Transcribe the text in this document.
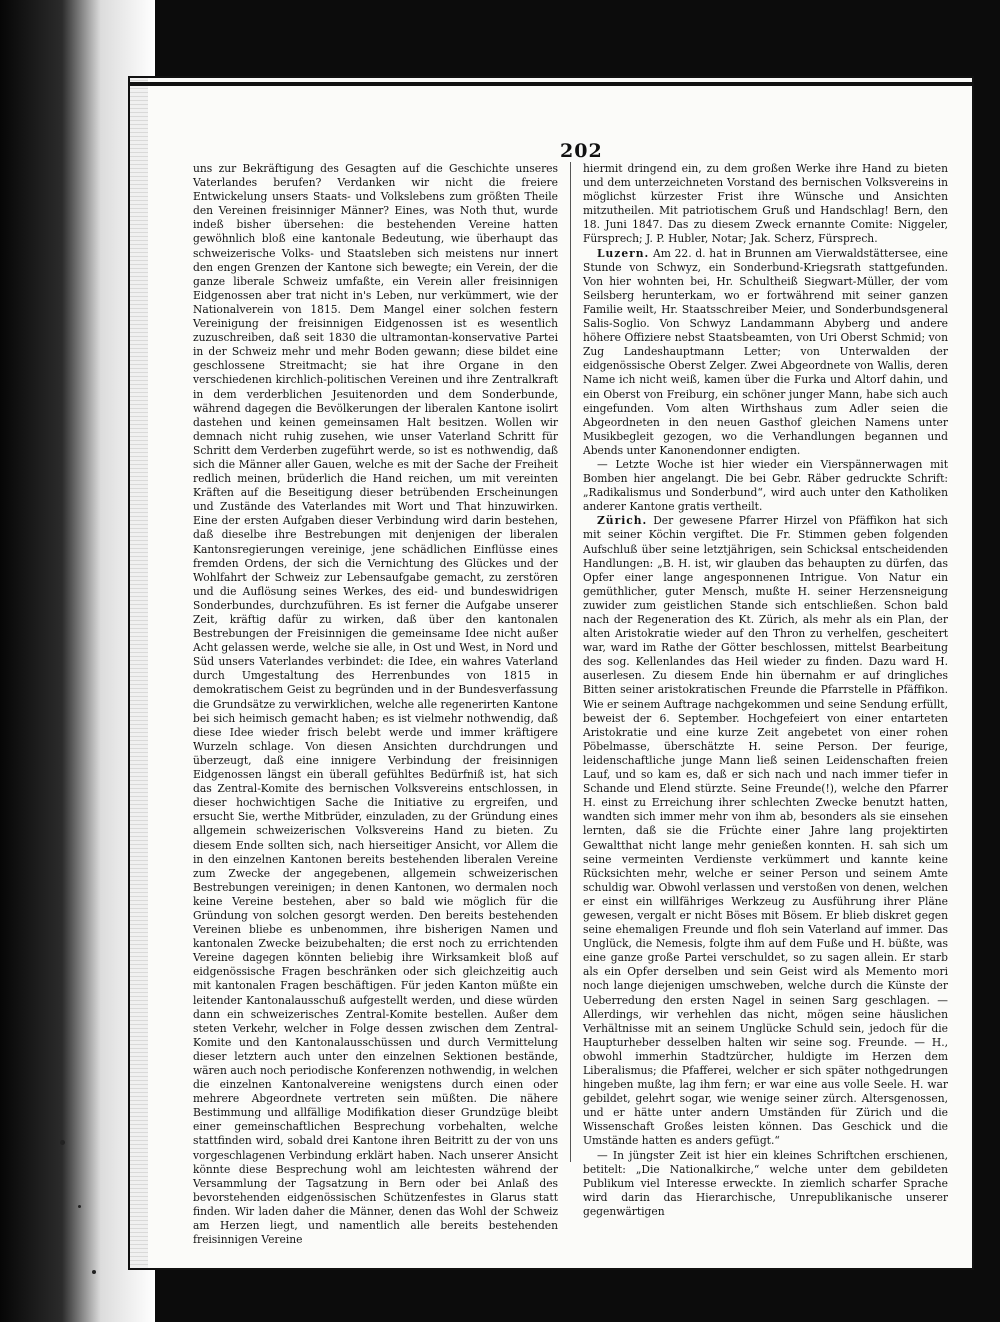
202

uns zur Bekräftigung des Gesagten auf die Geschichte unseres Vaterlandes berufen? Verdanken wir nicht die freiere Entwickelung unsers Staats- und Volkslebens zum größten Theile den Vereinen freisinniger Männer? Eines, was Noth thut, wurde indeß bisher übersehen: die bestehenden Vereine hatten gewöhnlich bloß eine kantonale Bedeutung, wie überhaupt das schweizerische Volks- und Staatsleben sich meistens nur innert den engen Grenzen der Kantone sich bewegte; ein Verein, der die ganze liberale Schweiz umfaßte, ein Verein aller freisinnigen Eidgenossen aber trat nicht in's Leben, nur verkümmert, wie der Nationalverein von 1815. Dem Mangel einer solchen festern Vereinigung der freisinnigen Eidgenossen ist es wesentlich zuzuschreiben, daß seit 1830 die ultramontan-konservative Partei in der Schweiz mehr und mehr Boden gewann; diese bildet eine geschlossene Streitmacht; sie hat ihre Organe in den verschiedenen kirchlich-politischen Vereinen und ihre Zentralkraft in dem verderblichen Jesuitenorden und dem Sonderbunde, während dagegen die Bevölkerungen der liberalen Kantone isolirt dastehen und keinen gemeinsamen Halt besitzen. Wollen wir demnach nicht ruhig zusehen, wie unser Vaterland Schritt für Schritt dem Verderben zugeführt werde, so ist es nothwendig, daß sich die Männer aller Gauen, welche es mit der Sache der Freiheit redlich meinen, brüderlich die Hand reichen, um mit vereinten Kräften auf die Beseitigung dieser betrübenden Erscheinungen und Zustände des Vaterlandes mit Wort und That hinzuwirken. Eine der ersten Aufgaben dieser Verbindung wird darin bestehen, daß dieselbe ihre Bestrebungen mit denjenigen der liberalen Kantonsregierungen vereinige, jene schädlichen Einflüsse eines fremden Ordens, der sich die Vernichtung des Glückes und der Wohlfahrt der Schweiz zur Lebensaufgabe gemacht, zu zerstören und die Auflösung seines Werkes, des eid- und bundeswidrigen Sonderbundes, durchzuführen. Es ist ferner die Aufgabe unserer Zeit, kräftig dafür zu wirken, daß über den kantonalen Bestrebungen der Freisinnigen die gemeinsame Idee nicht außer Acht gelassen werde, welche sie alle, in Ost und West, in Nord und Süd unsers Vaterlandes verbindet: die Idee, ein wahres Vaterland durch Umgestaltung des Herrenbundes von 1815 in demokratischem Geist zu begründen und in der Bundesverfassung die Grundsätze zu verwirklichen, welche alle regenerirten Kantone bei sich heimisch gemacht haben; es ist vielmehr nothwendig, daß diese Idee wieder frisch belebt werde und immer kräftigere Wurzeln schlage. Von diesen Ansichten durchdrungen und überzeugt, daß eine innigere Verbindung der freisinnigen Eidgenossen längst ein überall gefühltes Bedürfniß ist, hat sich das Zentral-Komite des bernischen Volksvereins entschlossen, in dieser hochwichtigen Sache die Initiative zu ergreifen, und ersucht Sie, werthe Mitbrüder, einzuladen, zu der Gründung eines allgemein schweizerischen Volksvereins Hand zu bieten. Zu diesem Ende sollten sich, nach hierseitiger Ansicht, vor Allem die in den einzelnen Kantonen bereits bestehenden liberalen Vereine zum Zwecke der angegebenen, allgemein schweizerischen Bestrebungen vereinigen; in denen Kantonen, wo dermalen noch keine Vereine bestehen, aber so bald wie möglich für die Gründung von solchen gesorgt werden. Den bereits bestehenden Vereinen bliebe es unbenommen, ihre bisherigen Namen und kantonalen Zwecke beizubehalten; die erst noch zu errichtenden Vereine dagegen könnten beliebig ihre Wirksamkeit bloß auf eidgenössische Fragen beschränken oder sich gleichzeitig auch mit kantonalen Fragen beschäftigen. Für jeden Kanton müßte ein leitender Kantonalausschuß aufgestellt werden, und diese würden dann ein schweizerisches Zentral-Komite bestellen. Außer dem steten Verkehr, welcher in Folge dessen zwischen dem Zentral-Komite und den Kantonalausschüssen und durch Vermittelung dieser letztern auch unter den einzelnen Sektionen bestände, wären auch noch periodische Konferenzen nothwendig, in welchen die einzelnen Kantonalvereine wenigstens durch einen oder mehrere Abgeordnete vertreten sein müßten. Die nähere Bestimmung und allfällige Modifikation dieser Grundzüge bleibt einer gemeinschaftlichen Besprechung vorbehalten, welche stattfinden wird, sobald drei Kantone ihren Beitritt zu der von uns vorgeschlagenen Verbindung erklärt haben. Nach unserer Ansicht könnte diese Besprechung wohl am leichtesten während der Versammlung der Tagsatzung in Bern oder bei Anlaß des bevorstehenden eidgenössischen Schützenfestes in Glarus statt finden. Wir laden daher die Männer, denen das Wohl der Schweiz am Herzen liegt, und namentlich alle bereits bestehenden freisinnigen Vereine

hiermit dringend ein, zu dem großen Werke ihre Hand zu bieten und dem unterzeichneten Vorstand des bernischen Volksvereins in möglichst kürzester Frist ihre Wünsche und Ansichten mitzutheilen. Mit patriotischem Gruß und Handschlag! Bern, den 18. Juni 1847. Das zu diesem Zweck ernannte Comite: Niggeler, Fürsprech; J. P. Hubler, Notar; Jak. Scherz, Fürsprech.

Luzern. Am 22. d. hat in Brunnen am Vierwaldstättersee, eine Stunde von Schwyz, ein Sonderbund-Kriegsrath stattgefunden. Von hier wohnten bei, Hr. Schultheiß Siegwart-Müller, der vom Seilsberg herunterkam, wo er fortwährend mit seiner ganzen Familie weilt, Hr. Staatsschreiber Meier, und Sonderbundsgeneral Salis-Soglio. Von Schwyz Landammann Abyberg und andere höhere Offiziere nebst Staatsbeamten, von Uri Oberst Schmid; von Zug Landeshauptmann Letter; von Unterwalden der eidgenössische Oberst Zelger. Zwei Abgeordnete von Wallis, deren Name ich nicht weiß, kamen über die Furka und Altorf dahin, und ein Oberst von Freiburg, ein schöner junger Mann, habe sich auch eingefunden. Vom alten Wirthshaus zum Adler seien die Abgeordneten in den neuen Gasthof gleichen Namens unter Musikbegleit gezogen, wo die Verhandlungen begannen und Abends unter Kanonendonner endigten.

— Letzte Woche ist hier wieder ein Vierspännerwagen mit Bomben hier angelangt. Die bei Gebr. Räber gedruckte Schrift: „Radikalismus und Sonderbund“, wird auch unter den Katholiken anderer Kantone gratis vertheilt.

Zürich. Der gewesene Pfarrer Hirzel von Pfäffikon hat sich mit seiner Köchin vergiftet. Die Fr. Stimmen geben folgenden Aufschluß über seine letztjährigen, sein Schicksal entscheidenden Handlungen: „B. H. ist, wir glauben das behaupten zu dürfen, das Opfer einer lange angesponnenen Intrigue. Von Natur ein gemüthlicher, guter Mensch, mußte H. seiner Herzensneigung zuwider zum geistlichen Stande sich entschließen. Schon bald nach der Regeneration des Kt. Zürich, als mehr als ein Plan, der alten Aristokratie wieder auf den Thron zu verhelfen, gescheitert war, ward im Rathe der Götter beschlossen, mittelst Bearbeitung des sog. Kellenlandes das Heil wieder zu finden. Dazu ward H. auserlesen. Zu diesem Ende hin übernahm er auf dringliches Bitten seiner aristokratischen Freunde die Pfarrstelle in Pfäffikon. Wie er seinem Auftrage nachgekommen und seine Sendung erfüllt, beweist der 6. September. Hochgefeiert von einer entarteten Aristokratie und eine kurze Zeit angebetet von einer rohen Pöbelmasse, überschätzte H. seine Person. Der feurige, leidenschaftliche junge Mann ließ seinen Leidenschaften freien Lauf, und so kam es, daß er sich nach und nach immer tiefer in Schande und Elend stürzte. Seine Freunde(!), welche den Pfarrer H. einst zu Erreichung ihrer schlechten Zwecke benutzt hatten, wandten sich immer mehr von ihm ab, besonders als sie einsehen lernten, daß sie die Früchte einer Jahre lang projektirten Gewaltthat nicht lange mehr genießen konnten. H. sah sich um seine vermeinten Verdienste verkümmert und kannte keine Rücksichten mehr, welche er seiner Person und seinem Amte schuldig war. Obwohl verlassen und verstoßen von denen, welchen er einst ein willfähriges Werkzeug zu Ausführung ihrer Pläne gewesen, vergalt er nicht Böses mit Bösem. Er blieb diskret gegen seine ehemaligen Freunde und floh sein Vaterland auf immer. Das Unglück, die Nemesis, folgte ihm auf dem Fuße und H. büßte, was eine ganze große Partei verschuldet, so zu sagen allein. Er starb als ein Opfer derselben und sein Geist wird als Memento mori noch lange diejenigen umschweben, welche durch die Künste der Ueberredung den ersten Nagel in seinen Sarg geschlagen. — Allerdings, wir verhehlen das nicht, mögen seine häuslichen Verhältnisse mit an seinem Unglücke Schuld sein, jedoch für die Haupturheber desselben halten wir seine sog. Freunde. — H., obwohl immerhin Stadtzürcher, huldigte im Herzen dem Liberalismus; die Pfafferei, welcher er sich später nothgedrungen hingeben mußte, lag ihm fern; er war eine aus volle Seele. H. war gebildet, gelehrt sogar, wie wenige seiner zürch. Altersgenossen, und er hätte unter andern Umständen für Zürich und die Wissenschaft Großes leisten können. Das Geschick und die Umstände hatten es anders gefügt.“

— In jüngster Zeit ist hier ein kleines Schriftchen erschienen, betitelt: „Die Nationalkirche,“ welche unter dem gebildeten Publikum viel Interesse erweckte. In ziemlich scharfer Sprache wird darin das Hierarchische, Unrepublikanische unserer gegenwärtigen
